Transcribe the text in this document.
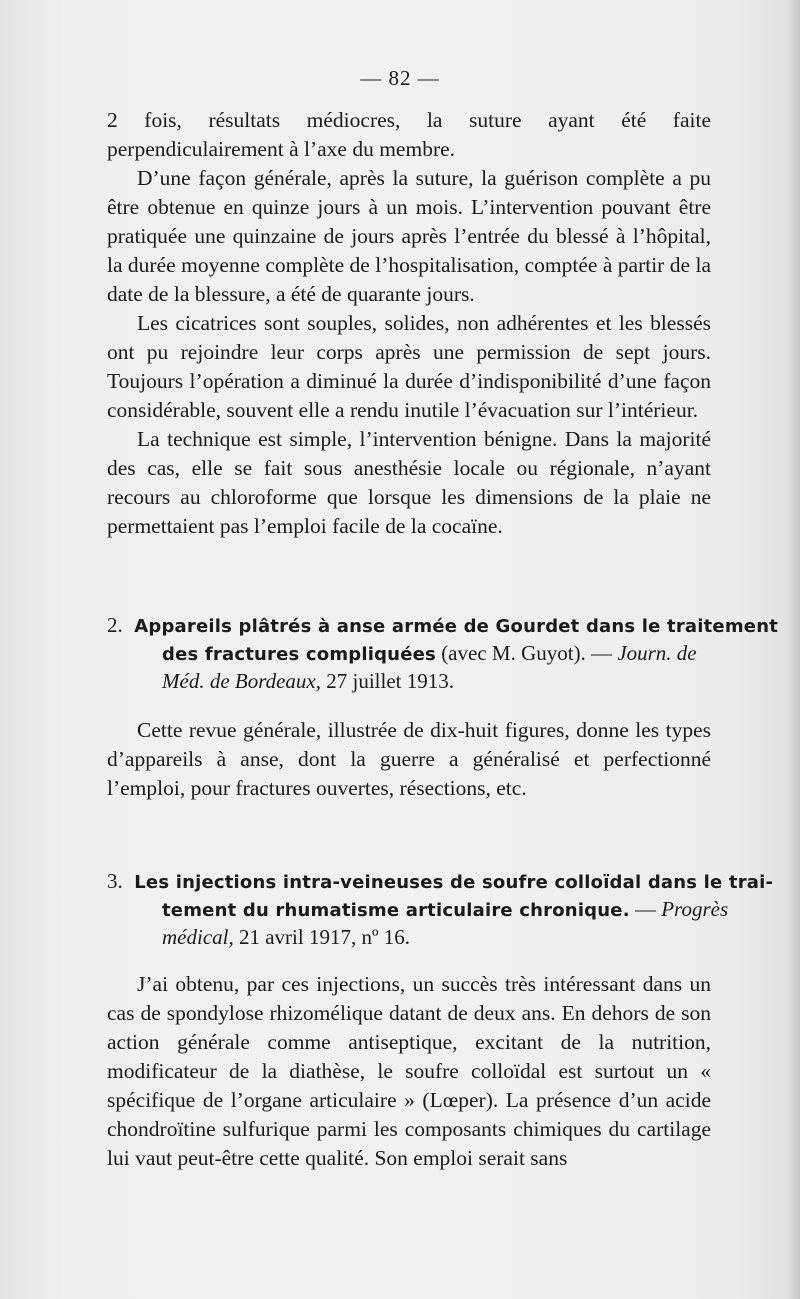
— 82 —

2 fois, résultats médiocres, la suture ayant été faite perpendiculairement à l’axe du membre.

D’une façon générale, après la suture, la guérison complète a pu être obtenue en quinze jours à un mois. L’intervention pouvant être pratiquée une quinzaine de jours après l’entrée du blessé à l’hôpital, la durée moyenne complète de l’hospitalisation, comptée à partir de la date de la blessure, a été de quarante jours.

Les cicatrices sont souples, solides, non adhérentes et les blessés ont pu rejoindre leur corps après une permission de sept jours. Toujours l’opération a diminué la durée d’indisponibilité d’une façon considérable, souvent elle a rendu inutile l’évacuation sur l’intérieur.

La technique est simple, l’intervention bénigne. Dans la majorité des cas, elle se fait sous anesthésie locale ou régionale, n’ayant recours au chloroforme que lorsque les dimensions de la plaie ne permettaient pas l’emploi facile de la cocaïne.

2. Appareils plâtrés à anse armée de Gourdet dans le traitement
des fractures compliquées (avec M. Guyot). — Journ. de
Méd. de Bordeaux, 27 juillet 1913.

Cette revue générale, illustrée de dix-huit figures, donne les types d’appareils à anse, dont la guerre a généralisé et perfectionné l’emploi, pour fractures ouvertes, résections, etc.

3. Les injections intra-veineuses de soufre colloïdal dans le trai-
tement du rhumatisme articulaire chronique. — Progrès
médical, 21 avril 1917, nº 16.

J’ai obtenu, par ces injections, un succès très intéressant dans un cas de spondylose rhizomélique datant de deux ans. En dehors de son action générale comme antiseptique, excitant de la nutrition, modificateur de la diathèse, le soufre colloïdal est surtout un « spécifique de l’organe articulaire » (Lœper). La présence d’un acide chondroïtine sulfurique parmi les composants chimiques du cartilage lui vaut peut-être cette qualité. Son emploi serait sans
